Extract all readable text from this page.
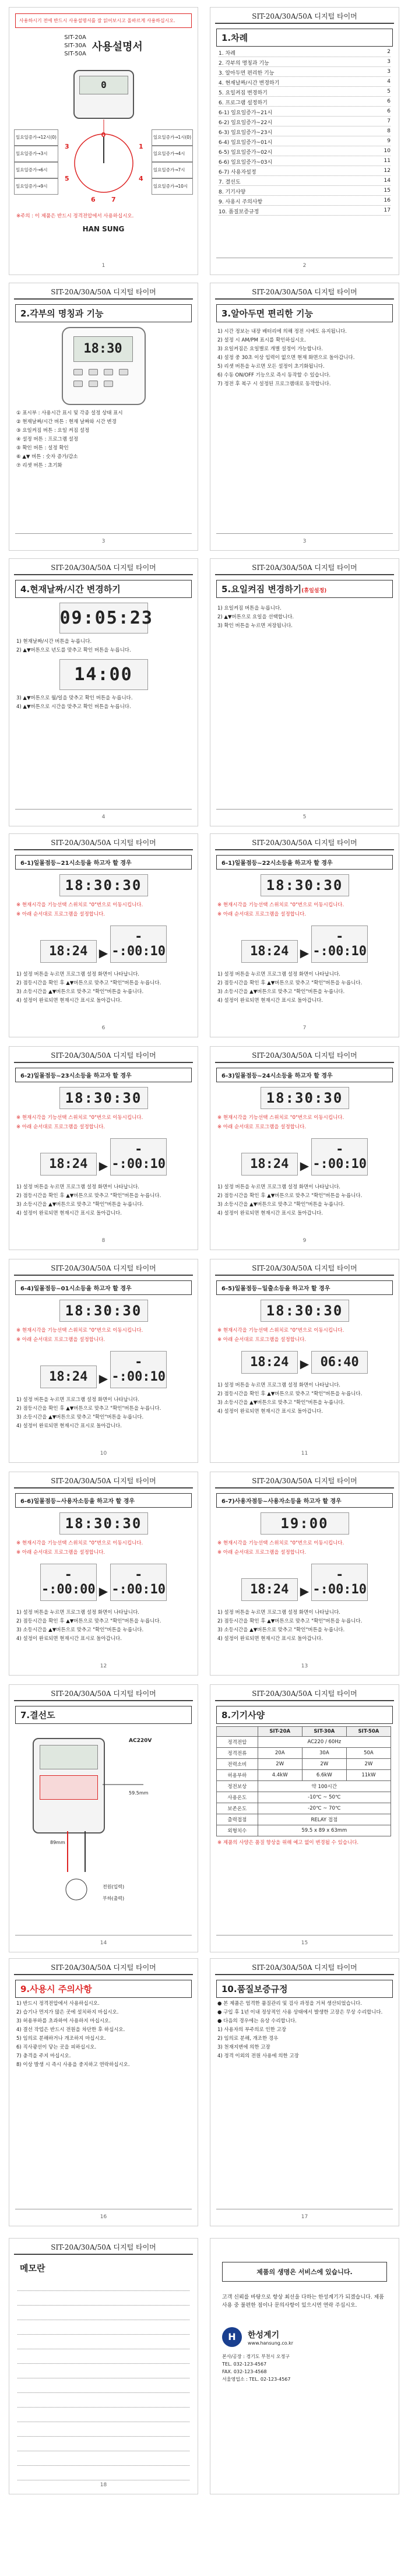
사용하시기 전에 반드시 사용설명서를 잘 읽어보시고 올바르게 사용하십시오.
SIT-20A
SIT-30A
SIT-50A
사용설명서
0
일요일증가→12시(0)
일요일증가→3시
일요일증가→6시
일요일증가→9시
일요일증가→1시(0)
일요일증가→4시
일요일증가→7시
일요일증가→10시
0
1
4
7
5
3
6
※주의 : 이 제품은 반드시 정격전압에서 사용하십시오.
HAN SUNG
1
SIT-20A/30A/50A 디지털 타이머
1.차례
1. 차례	2
2. 각부의 명칭과 기능	3
3. 알아두면 편리한 기능	3
4. 현재날짜/시간 변경하기	4
5. 요일켜짐 변경하기	5
6. 프로그램 설정하기	6
6-1) 일요일증가~21시	6
6-2) 일요일증가~22시	7
6-3) 일요일증가~23시	8
6-4) 일요일증가~01시	9
6-5) 일요일증가~02시	10
6-6) 일요일증가~03시	11
6-7) 사용자설정	12
7. 결선도	14
8. 기기사양	15
9. 사용시 주의사항	16
10. 품질보증규정	17
2
SIT-20A/30A/50A 디지털 타이머
2.각부의 명칭과 기능
18:30
① 표시부 : 사용시간 표시 및 각종 설정 상태 표시
② 현재날짜/시간 버튼 : 현재 날짜와 시간 변경
③ 요일켜짐 버튼 : 요일 켜짐 설정
④ 설정 버튼 : 프로그램 설정
⑤ 확인 버튼 : 설정 확인
⑥ ▲▼ 버튼 : 숫자 증가/감소
⑦ 리셋 버튼 : 초기화
3
SIT-20A/30A/50A 디지털 타이머
3.알아두면 편리한 기능
1) 시간 정보는 내장 배터리에 의해 정전 시에도 유지됩니다.
2) 설정 시 AM/PM 표시를 확인하십시오.
3) 요일켜짐은 요일별로 개별 설정이 가능합니다.
4) 설정 중 30초 이상 입력이 없으면 현재 화면으로 돌아갑니다.
5) 리셋 버튼을 누르면 모든 설정이 초기화됩니다.
6) 수동 ON/OFF 기능으로 즉시 동작할 수 있습니다.
7) 정전 후 복구 시 설정된 프로그램대로 동작합니다.
3
SIT-20A/30A/50A 디지털 타이머
4.현재날짜/시간 변경하기
09:05:23
1) 현재날짜/시간 버튼을 누릅니다.
2) ▲▼버튼으로 년도를 맞추고 확인 버튼을 누릅니다.
14:00
3) ▲▼버튼으로 월/일을 맞추고 확인 버튼을 누릅니다.
4) ▲▼버튼으로 시간을 맞추고 확인 버튼을 누릅니다.
4
SIT-20A/30A/50A 디지털 타이머
5.요일켜짐 변경하기(휴일설정)
1) 요일켜짐 버튼을 누릅니다.
2) ▲▼버튼으로 요일을 선택합니다.
3) 확인 버튼을 누르면 저장됩니다.
5
SIT-20A/30A/50A 디지털 타이머
6-1)일몰점등~21시소등을 하고자 할 경우
18:30:30
※ 현재시각을 기능선택 스위치로 "0"번으로 이동시킵니다.
※ 아래 순서대로 프로그램을 설정합니다.
18:24 ▶--:00:10
1) 설정 버튼을 누르면 프로그램 설정 화면이 나타납니다.
2) 점등시간을 확인 후 ▲▼버튼으로 맞추고 "확인"버튼을 누릅니다.
3) 소등시간을 ▲▼버튼으로 맞추고 "확인"버튼을 누릅니다.
4) 설정이 완료되면 현재시간 표시로 돌아갑니다.
6
SIT-20A/30A/50A 디지털 타이머
6-1)일몰점등~22시소등을 하고자 할 경우
18:30:30
※ 현재시각을 기능선택 스위치로 "0"번으로 이동시킵니다.
※ 아래 순서대로 프로그램을 설정합니다.
18:24 ▶--:00:10
1) 설정 버튼을 누르면 프로그램 설정 화면이 나타납니다.
2) 점등시간을 확인 후 ▲▼버튼으로 맞추고 "확인"버튼을 누릅니다.
3) 소등시간을 ▲▼버튼으로 맞추고 "확인"버튼을 누릅니다.
4) 설정이 완료되면 현재시간 표시로 돌아갑니다.
7
SIT-20A/30A/50A 디지털 타이머
6-2)일몰점등~23시소등을 하고자 할 경우
18:30:30
※ 현재시각을 기능선택 스위치로 "0"번으로 이동시킵니다.
※ 아래 순서대로 프로그램을 설정합니다.
18:24 ▶--:00:10
1) 설정 버튼을 누르면 프로그램 설정 화면이 나타납니다.
2) 점등시간을 확인 후 ▲▼버튼으로 맞추고 "확인"버튼을 누릅니다.
3) 소등시간을 ▲▼버튼으로 맞추고 "확인"버튼을 누릅니다.
4) 설정이 완료되면 현재시간 표시로 돌아갑니다.
8
SIT-20A/30A/50A 디지털 타이머
6-3)일몰점등~24시소등을 하고자 할 경우
18:30:30
※ 현재시각을 기능선택 스위치로 "0"번으로 이동시킵니다.
※ 아래 순서대로 프로그램을 설정합니다.
18:24 ▶--:00:10
1) 설정 버튼을 누르면 프로그램 설정 화면이 나타납니다.
2) 점등시간을 확인 후 ▲▼버튼으로 맞추고 "확인"버튼을 누릅니다.
3) 소등시간을 ▲▼버튼으로 맞추고 "확인"버튼을 누릅니다.
4) 설정이 완료되면 현재시간 표시로 돌아갑니다.
9
SIT-20A/30A/50A 디지털 타이머
6-4)일몰점등~01시소등을 하고자 할 경우
18:30:30
※ 현재시각을 기능선택 스위치로 "0"번으로 이동시킵니다.
※ 아래 순서대로 프로그램을 설정합니다.
18:24 ▶--:00:10
1) 설정 버튼을 누르면 프로그램 설정 화면이 나타납니다.
2) 점등시간을 확인 후 ▲▼버튼으로 맞추고 "확인"버튼을 누릅니다.
3) 소등시간을 ▲▼버튼으로 맞추고 "확인"버튼을 누릅니다.
4) 설정이 완료되면 현재시간 표시로 돌아갑니다.
10
SIT-20A/30A/50A 디지털 타이머
6-5)일몰점등~일출소등을 하고자 할 경우
18:30:30
※ 현재시각을 기능선택 스위치로 "0"번으로 이동시킵니다.
※ 아래 순서대로 프로그램을 설정합니다.
18:24 ▶ 06:40
1) 설정 버튼을 누르면 프로그램 설정 화면이 나타납니다.
2) 점등시간을 확인 후 ▲▼버튼으로 맞추고 "확인"버튼을 누릅니다.
3) 소등시간을 ▲▼버튼으로 맞추고 "확인"버튼을 누릅니다.
4) 설정이 완료되면 현재시간 표시로 돌아갑니다.
11
SIT-20A/30A/50A 디지털 타이머
6-6)일몰점등~사용자소등을 하고자 할 경우
18:30:30
※ 현재시각을 기능선택 스위치로 "0"번으로 이동시킵니다.
※ 아래 순서대로 프로그램을 설정합니다.
--:00:00 ▶--:00:10
1) 설정 버튼을 누르면 프로그램 설정 화면이 나타납니다.
2) 점등시간을 확인 후 ▲▼버튼으로 맞추고 "확인"버튼을 누릅니다.
3) 소등시간을 ▲▼버튼으로 맞추고 "확인"버튼을 누릅니다.
4) 설정이 완료되면 현재시간 표시로 돌아갑니다.
12
SIT-20A/30A/50A 디지털 타이머
6-7)사용자점등~사용자소등을 하고자 할 경우
19:00
※ 현재시각을 기능선택 스위치로 "0"번으로 이동시킵니다.
※ 아래 순서대로 프로그램을 설정합니다.
18:24 ▶--:00:10
1) 설정 버튼을 누르면 프로그램 설정 화면이 나타납니다.
2) 점등시간을 확인 후 ▲▼버튼으로 맞추고 "확인"버튼을 누릅니다.
3) 소등시간을 ▲▼버튼으로 맞추고 "확인"버튼을 누릅니다.
4) 설정이 완료되면 현재시간 표시로 돌아갑니다.
13
SIT-20A/30A/50A 디지털 타이머
7.결선도
AC220V
59.5mm
89mm
전원(입력)
부하(출력)
14
SIT-20A/30A/50A 디지털 타이머
8.기기사양
	SIT-20A	SIT-30A	SIT-50A
정격전압	AC220 / 60Hz		
정격전류	20A	30A	50A
전력소비	2W	2W	2W
허용부하	4.4kW	6.6kW	11kW
정전보상	약 100시간		
사용온도	-10℃ ~ 50℃		
보존온도	-20℃ ~ 70℃		
출력접점	RELAY 접점		
외형치수	59.5 x 89 x 63mm		
※ 제품의 사양은 품질 향상을 위해 예고 없이 변경될 수 있습니다.
15
SIT-20A/30A/50A 디지털 타이머
9.사용시 주의사항
1) 반드시 정격전압에서 사용하십시오.
2) 습기나 먼지가 많은 곳에 설치하지 마십시오.
3) 허용부하를 초과하여 사용하지 마십시오.
4) 결선 작업은 반드시 전원을 차단한 후 하십시오.
5) 임의로 분해하거나 개조하지 마십시오.
6) 직사광선이 닿는 곳을 피하십시오.
7) 충격을 주지 마십시오.
8) 이상 발생 시 즉시 사용을 중지하고 연락하십시오.
16
SIT-20A/30A/50A 디지털 타이머
10.품질보증규정
● 본 제품은 엄격한 품질관리 및 검사 과정을 거쳐 생산되었습니다.
● 구입 후 1년 이내 정상적인 사용 상태에서 발생한 고장은 무상 수리합니다.
● 다음의 경우에는 유상 수리합니다.
1) 사용자의 부주의로 인한 고장
2) 임의로 분해, 개조한 경우
3) 천재지변에 의한 고장
4) 정격 이외의 전원 사용에 의한 고장
17
SIT-20A/30A/50A 디지털 타이머
메모란
18
제품의 생명은 서비스에 있습니다.
고객 신뢰를 바탕으로 항상 최선을 다하는 한성계기가 되겠습니다. 제품 사용 중 불편한 점이나 문의사항이 있으시면 연락 주십시오.
H	한성계기
www.hansung.co.kr
본사/공장 : 경기도 부천시 오정구
TEL. 032-123-4567
FAX. 032-123-4568
서울영업소 : TEL. 02-123-4567
